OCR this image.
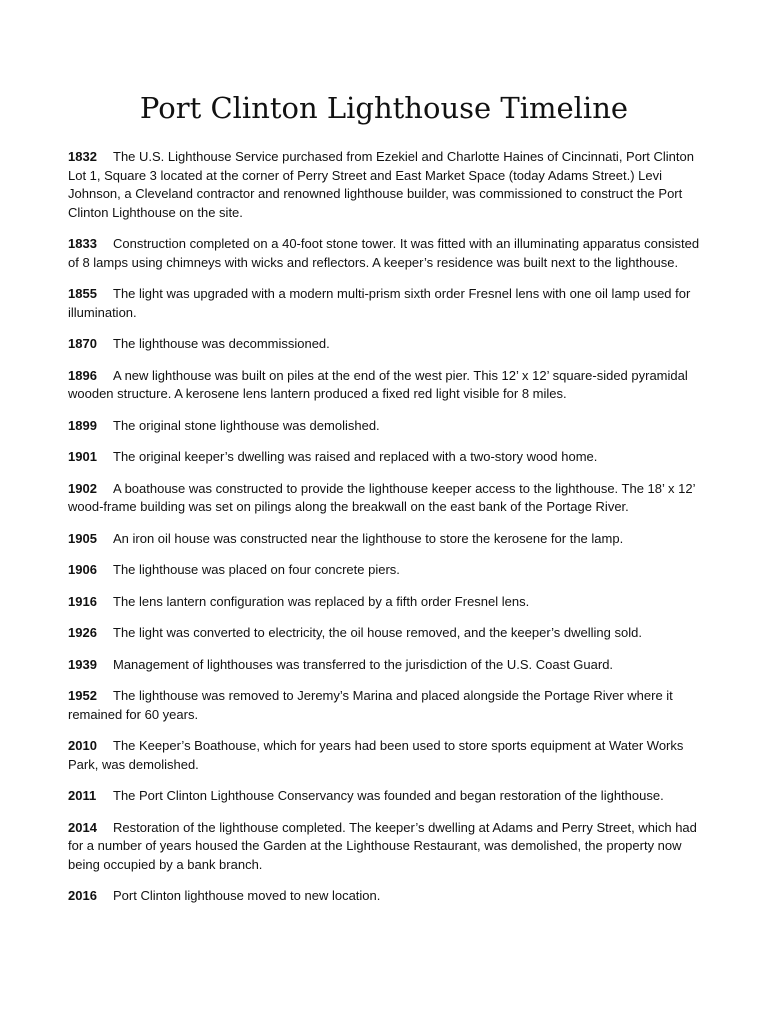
Port Clinton Lighthouse Timeline

1832 The U.S. Lighthouse Service purchased from Ezekiel and Charlotte Haines of Cincinnati, Port Clinton Lot 1, Square 3 located at the corner of Perry Street and East Market Space (today Adams Street.) Levi Johnson, a Cleveland contractor and renowned lighthouse builder, was commissioned to construct the Port Clinton Lighthouse on the site.

1833 Construction completed on a 40-foot stone tower. It was fitted with an illuminating apparatus consisted of 8 lamps using chimneys with wicks and reflectors. A keeper’s residence was built next to the lighthouse.

1855 The light was upgraded with a modern multi-prism sixth order Fresnel lens with one oil lamp used for illumination.

1870 The lighthouse was decommissioned.

1896 A new lighthouse was built on piles at the end of the west pier. This 12’ x 12’ square-sided pyramidal wooden structure. A kerosene lens lantern produced a fixed red light visible for 8 miles.

1899 The original stone lighthouse was demolished.

1901 The original keeper’s dwelling was raised and replaced with a two-story wood home.

1902 A boathouse was constructed to provide the lighthouse keeper access to the lighthouse. The 18’ x 12’ wood-frame building was set on pilings along the breakwall on the east bank of the Portage River.

1905 An iron oil house was constructed near the lighthouse to store the kerosene for the lamp.

1906 The lighthouse was placed on four concrete piers.

1916 The lens lantern configuration was replaced by a fifth order Fresnel lens.

1926 The light was converted to electricity, the oil house removed, and the keeper’s dwelling sold.

1939 Management of lighthouses was transferred to the jurisdiction of the U.S. Coast Guard.

1952 The lighthouse was removed to Jeremy’s Marina and placed alongside the Portage River where it remained for 60 years.

2010 The Keeper’s Boathouse, which for years had been used to store sports equipment at Water Works Park, was demolished.

2011 The Port Clinton Lighthouse Conservancy was founded and began restoration of the lighthouse.

2014 Restoration of the lighthouse completed. The keeper’s dwelling at Adams and Perry Street, which had for a number of years housed the Garden at the Lighthouse Restaurant, was demolished, the property now being occupied by a bank branch.

2016 Port Clinton lighthouse moved to new location.
